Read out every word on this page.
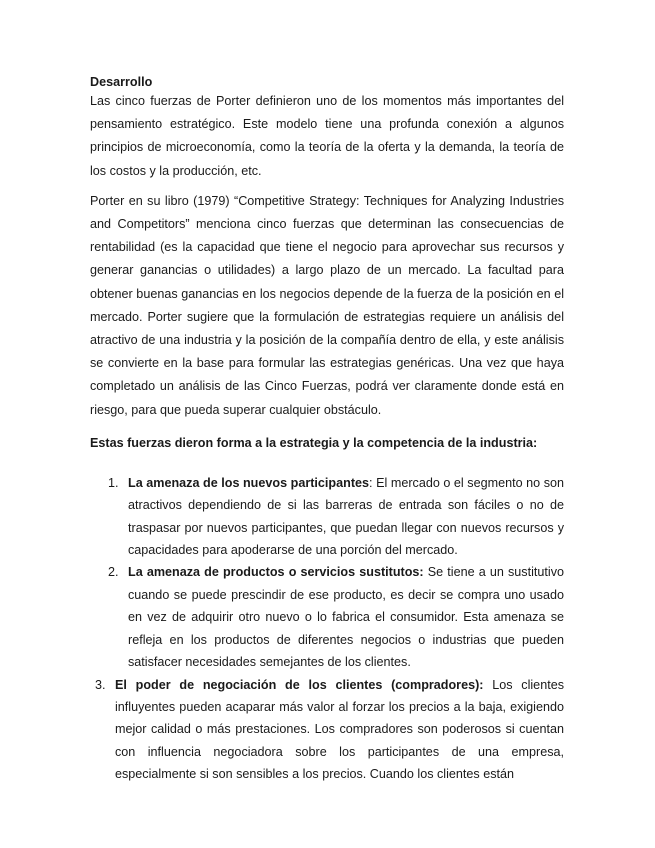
Desarrollo

Las cinco fuerzas de Porter definieron uno de los momentos más importantes del pensamiento estratégico. Este modelo tiene una profunda conexión a algunos principios de microeconomía, como la teoría de la oferta y la demanda, la teoría de los costos y la producción, etc.

Porter en su libro (1979) “Competitive Strategy: Techniques for Analyzing Industries and Competitors” menciona cinco fuerzas que determinan las consecuencias de rentabilidad (es la capacidad que tiene el negocio para aprovechar sus recursos y generar ganancias o utilidades) a largo plazo de un mercado. La facultad para obtener buenas ganancias en los negocios depende de la fuerza de la posición en el mercado. Porter sugiere que la formulación de estrategias requiere un análisis del atractivo de una industria y la posición de la compañía dentro de ella, y este análisis se convierte en la base para formular las estrategias genéricas. Una vez que haya completado un análisis de las Cinco Fuerzas, podrá ver claramente donde está en riesgo, para que pueda superar cualquier obstáculo.

Estas fuerzas dieron forma a la estrategia y la competencia de la industria:

1. La amenaza de los nuevos participantes: El mercado o el segmento no son atractivos dependiendo de si las barreras de entrada son fáciles o no de traspasar por nuevos participantes, que puedan llegar con nuevos recursos y capacidades para apoderarse de una porción del mercado.
2. La amenaza de productos o servicios sustitutos: Se tiene a un sustitutivo cuando se puede prescindir de ese producto, es decir se compra uno usado en vez de adquirir otro nuevo o lo fabrica el consumidor. Esta amenaza se refleja en los productos de diferentes negocios o industrias que pueden satisfacer necesidades semejantes de los clientes.
3. El poder de negociación de los clientes (compradores): Los clientes influyentes pueden acaparar más valor al forzar los precios a la baja, exigiendo mejor calidad o más prestaciones. Los compradores son poderosos si cuentan con influencia negociadora sobre los participantes de una empresa, especialmente si son sensibles a los precios. Cuando los clientes están
